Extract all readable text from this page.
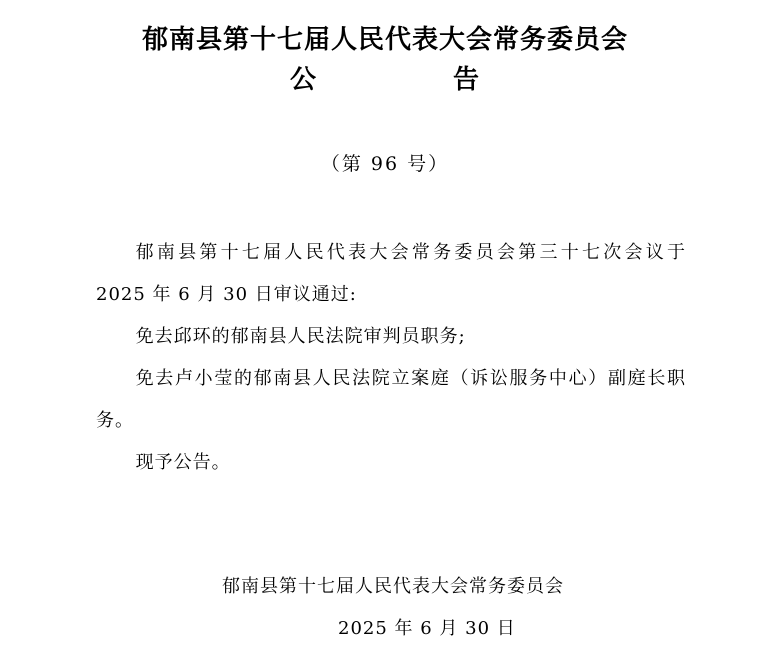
郁南县第十七届人民代表大会常务委员会
公	告
（第 96 号）

郁南县第十七届人民代表大会常务委员会第三十七次会议于 2025 年 6 月 30 日审议通过:

免去邱环的郁南县人民法院审判员职务;

免去卢小莹的郁南县人民法院立案庭（诉讼服务中心）副庭长职务。

现予公告。

郁南县第十七届人民代表大会常务委员会
2025 年 6 月 30 日
